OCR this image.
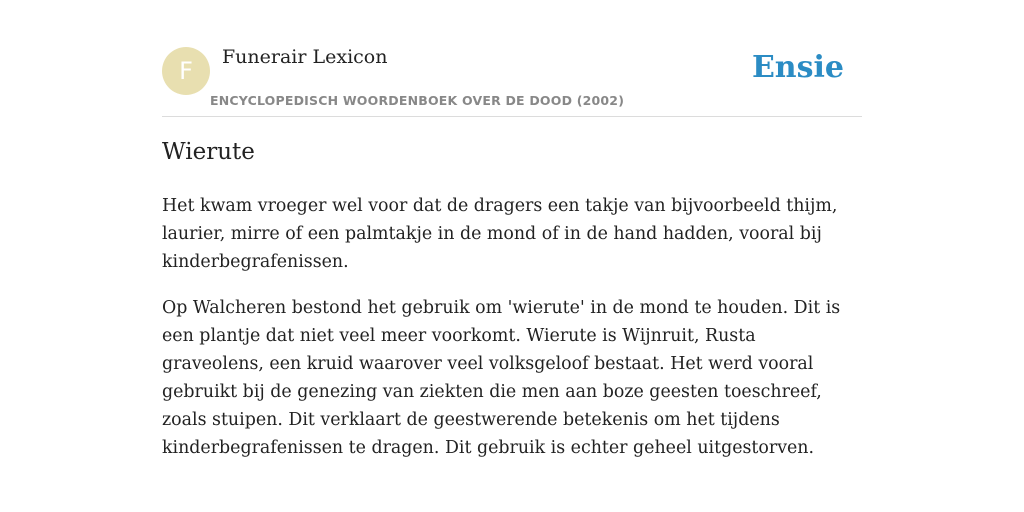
F	Funerair Lexicon
ENCYCLOPEDISCH WOORDENBOEK OVER DE DOOD (2002)
Ensie
Wierute

Het kwam vroeger wel voor dat de dragers een takje van bijvoorbeeld thijm, laurier, mirre of een palmtakje in de mond of in de hand hadden, vooral bij kinderbegrafenissen.

Op Walcheren bestond het gebruik om 'wierute' in de mond te houden. Dit is een plantje dat niet veel meer voorkomt. Wierute is Wijnruit, Rusta graveolens, een kruid waarover veel volksgeloof bestaat. Het werd vooral gebruikt bij de genezing van ziekten die men aan boze geesten toeschreef, zoals stuipen. Dit verklaart de geestwerende betekenis om het tijdens kinderbegrafenissen te dragen. Dit gebruik is echter geheel uitgestorven.
